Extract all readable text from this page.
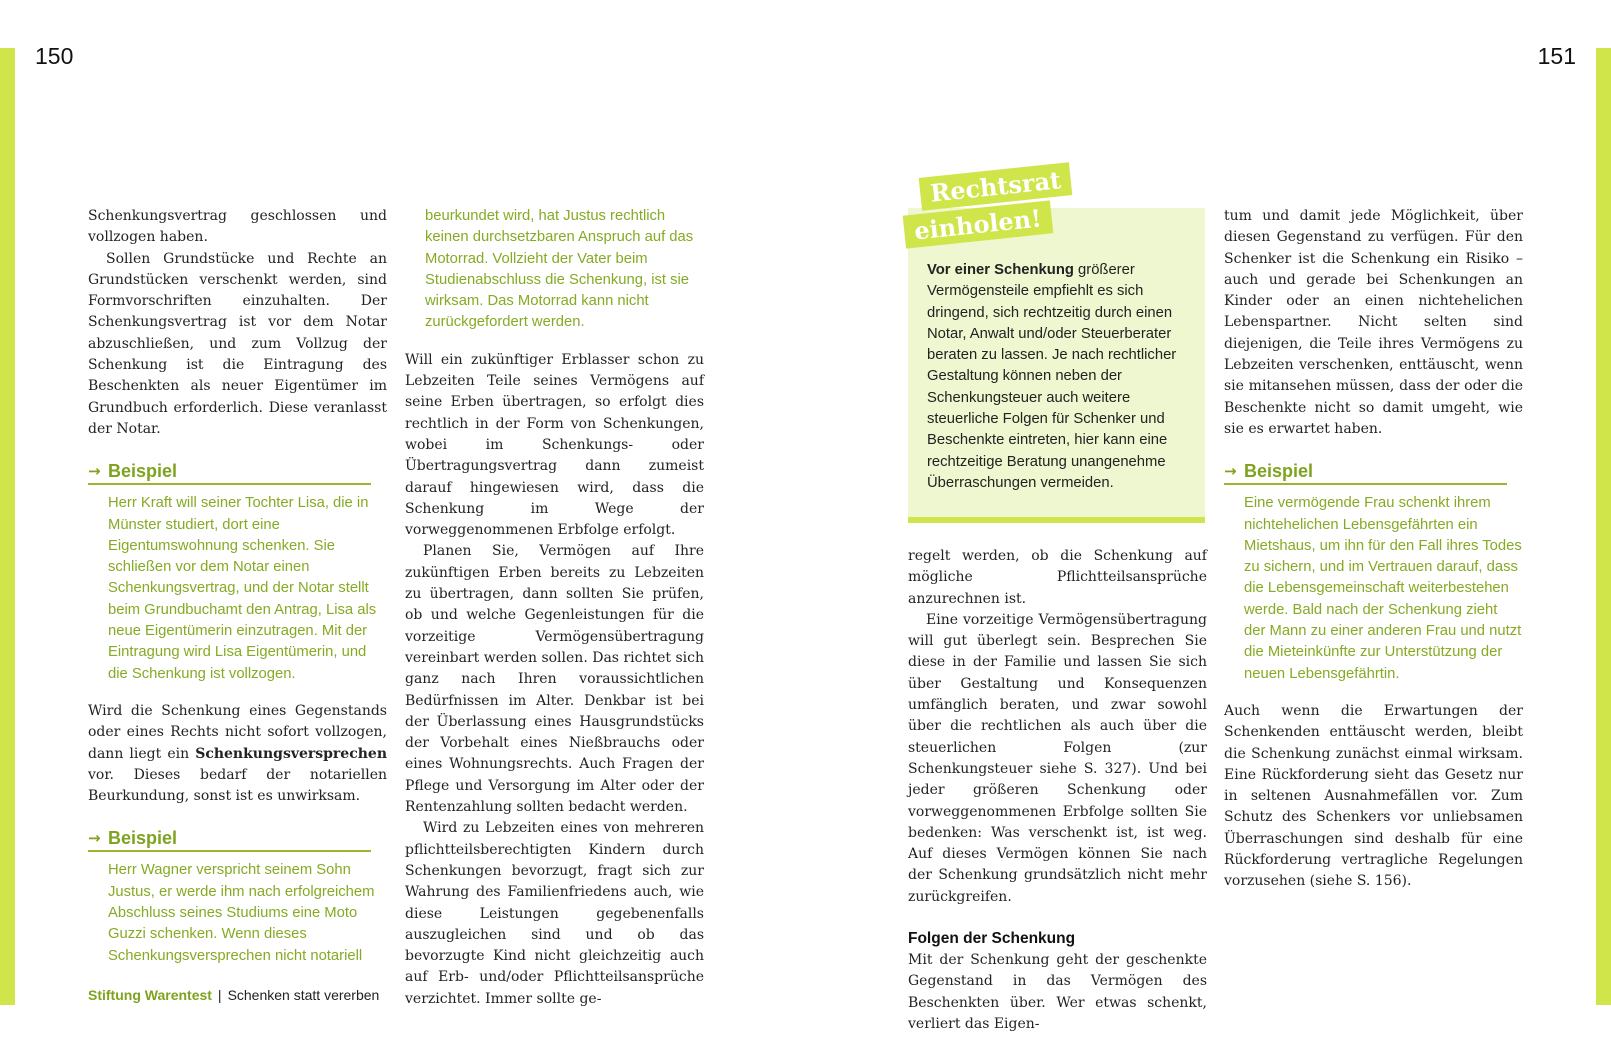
150	151

Schenkungsvertrag geschlossen und vollzogen haben.

Sollen Grundstücke und Rechte an Grundstücken verschenkt werden, sind Formvorschriften einzuhalten. Der Schenkungsvertrag ist vor dem Notar abzuschließen, und zum Vollzug der Schenkung ist die Eintragung des Beschenkten als neuer Eigentümer im Grundbuch erforderlich. Diese veranlasst der Notar.

→ Beispiel

Herr Kraft will seiner Tochter Lisa, die in Münster studiert, dort eine Eigentumswohnung schenken. Sie schließen vor dem Notar einen Schenkungsvertrag, und der Notar stellt beim Grundbuchamt den Antrag, Lisa als neue Eigentümerin einzutragen. Mit der Eintragung wird Lisa Eigentümerin, und die Schenkung ist vollzogen.

Wird die Schenkung eines Gegenstands oder eines Rechts nicht sofort vollzogen, dann liegt ein Schenkungsversprechen vor. Dieses bedarf der notariellen Beurkundung, sonst ist es unwirksam.

→ Beispiel

Herr Wagner verspricht seinem Sohn Justus, er werde ihm nach erfolgreichem Abschluss seines Studiums eine Moto Guzzi schenken. Wenn dieses Schenkungsversprechen nicht notariell

beurkundet wird, hat Justus rechtlich keinen durchsetzbaren Anspruch auf das Motorrad. Vollzieht der Vater beim Studienabschluss die Schenkung, ist sie wirksam. Das Motorrad kann nicht zurückgefordert werden.

Will ein zukünftiger Erblasser schon zu Lebzeiten Teile seines Vermögens auf seine Erben übertragen, so erfolgt dies rechtlich in der Form von Schenkungen, wobei im Schenkungs- oder Übertragungsvertrag dann zumeist darauf hingewiesen wird, dass die Schenkung im Wege der vorweggenommenen Erbfolge erfolgt.

Planen Sie, Vermögen auf Ihre zukünftigen Erben bereits zu Lebzeiten zu übertragen, dann sollten Sie prüfen, ob und welche Gegenleistungen für die vorzeitige Vermögensübertragung vereinbart werden sollen. Das richtet sich ganz nach Ihren voraussichtlichen Bedürfnissen im Alter. Denkbar ist bei der Überlassung eines Hausgrundstücks der Vorbehalt eines Nießbrauchs oder eines Wohnungsrechts. Auch Fragen der Pflege und Versorgung im Alter oder der Rentenzahlung sollten bedacht werden.

Wird zu Lebzeiten eines von mehreren pflichtteilsberechtigten Kindern durch Schenkungen bevorzugt, fragt sich zur Wahrung des Familienfriedens auch, wie diese Leistungen gegebenenfalls auszugleichen sind und ob das bevorzugte Kind nicht gleichzeitig auch auf Erb- und/oder Pflichtteilsansprüche verzichtet. Immer sollte ge-

Rechtsrat
einholen!

Vor einer Schenkung größerer Vermögensteile empfiehlt es sich dringend, sich rechtzeitig durch einen Notar, Anwalt und/oder Steuerberater beraten zu lassen. Je nach rechtlicher Gestaltung können neben der Schenkungsteuer auch weitere steuerliche Folgen für Schenker und Beschenkte eintreten, hier kann eine rechtzeitige Beratung unangenehme Überraschungen vermeiden.

regelt werden, ob die Schenkung auf mögliche Pflichtteilsansprüche anzurechnen ist.

Eine vorzeitige Vermögensübertragung will gut überlegt sein. Besprechen Sie diese in der Familie und lassen Sie sich über Gestaltung und Konsequenzen umfänglich beraten, und zwar sowohl über die rechtlichen als auch über die steuerlichen Folgen (zur Schenkungsteuer siehe S. 327). Und bei jeder größeren Schenkung oder vorweggenommenen Erbfolge sollten Sie bedenken: Was verschenkt ist, ist weg. Auf dieses Vermögen können Sie nach der Schenkung grundsätzlich nicht mehr zurückgreifen.

Folgen der Schenkung

Mit der Schenkung geht der geschenkte Gegenstand in das Vermögen des Beschenkten über. Wer etwas schenkt, verliert das Eigen-

tum und damit jede Möglichkeit, über diesen Gegenstand zu verfügen. Für den Schenker ist die Schenkung ein Risiko – auch und gerade bei Schenkungen an Kinder oder an einen nichtehelichen Lebenspartner. Nicht selten sind diejenigen, die Teile ihres Vermögens zu Lebzeiten verschenken, enttäuscht, wenn sie mitansehen müssen, dass der oder die Beschenkte nicht so damit umgeht, wie sie es erwartet haben.

→ Beispiel

Eine vermögende Frau schenkt ihrem nichtehelichen Lebensgefährten ein Mietshaus, um ihn für den Fall ihres Todes zu sichern, und im Vertrauen darauf, dass die Lebensgemeinschaft weiterbestehen werde. Bald nach der Schenkung zieht der Mann zu einer anderen Frau und nutzt die Mieteinkünfte zur Unterstützung der neuen Lebensgefährtin.

Auch wenn die Erwartungen der Schenkenden enttäuscht werden, bleibt die Schenkung zunächst einmal wirksam. Eine Rückforderung sieht das Gesetz nur in seltenen Ausnahmefällen vor. Zum Schutz des Schenkers vor unliebsamen Überraschungen sind deshalb für eine Rückforderung vertragliche Regelungen vorzusehen (siehe S. 156).

Stiftung Warentest | Schenken statt vererben
